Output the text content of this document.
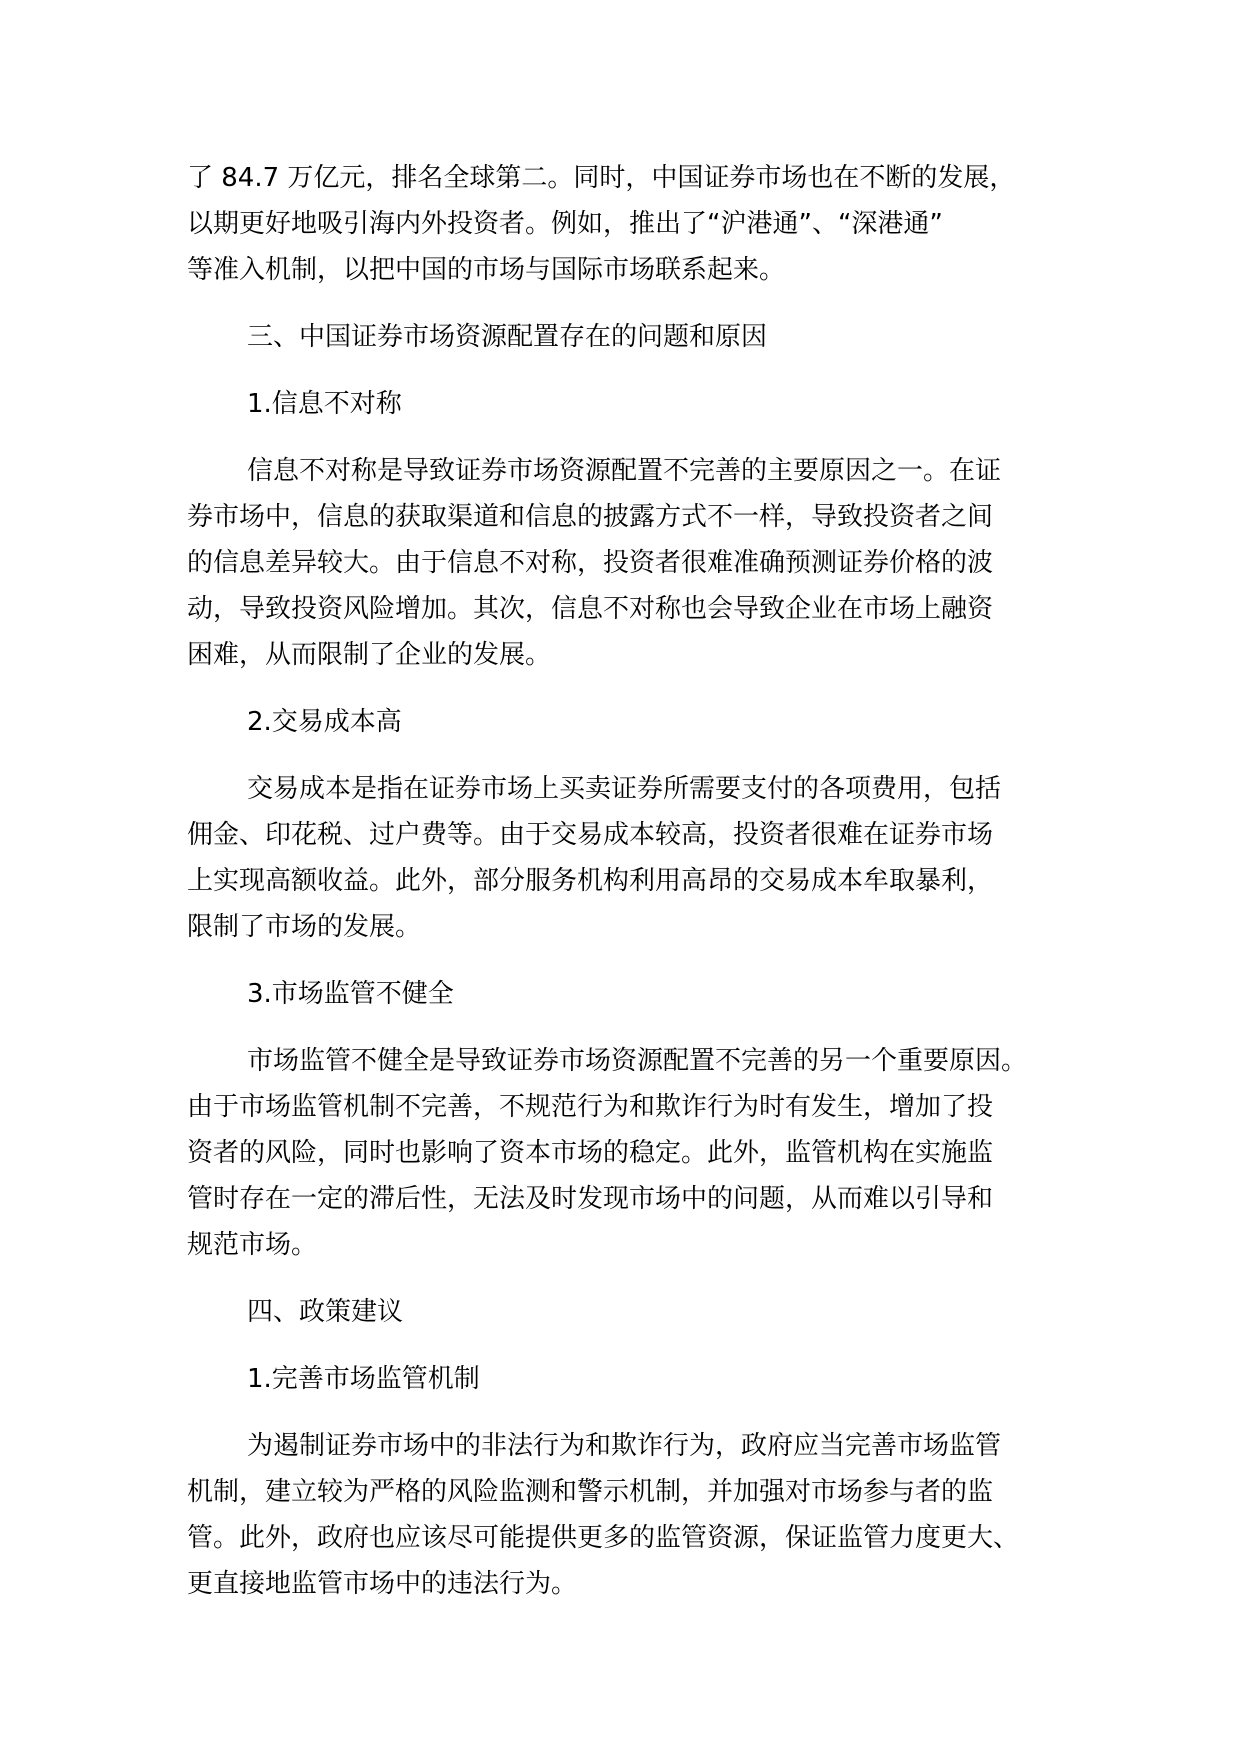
了 84.7 万亿元，排名全球第二。同时，中国证券市场也在不断的发展，
以期更好地吸引海内外投资者。例如，推出了“沪港通”、“深港通”
等准入机制，以把中国的市场与国际市场联系起来。

三、中国证券市场资源配置存在的问题和原因
1.信息不对称

信息不对称是导致证券市场资源配置不完善的主要原因之一。在证
券市场中，信息的获取渠道和信息的披露方式不一样，导致投资者之间
的信息差异较大。由于信息不对称，投资者很难准确预测证券价格的波
动，导致投资风险增加。其次，信息不对称也会导致企业在市场上融资
困难，从而限制了企业的发展。

2.交易成本高

交易成本是指在证券市场上买卖证券所需要支付的各项费用，包括
佣金、印花税、过户费等。由于交易成本较高，投资者很难在证券市场
上实现高额收益。此外，部分服务机构利用高昂的交易成本牟取暴利，
限制了市场的发展。

3.市场监管不健全

市场监管不健全是导致证券市场资源配置不完善的另一个重要原因。
由于市场监管机制不完善，不规范行为和欺诈行为时有发生，增加了投
资者的风险，同时也影响了资本市场的稳定。此外，监管机构在实施监
管时存在一定的滞后性，无法及时发现市场中的问题，从而难以引导和
规范市场。

四、政策建议
1.完善市场监管机制

为遏制证券市场中的非法行为和欺诈行为，政府应当完善市场监管
机制，建立较为严格的风险监测和警示机制，并加强对市场参与者的监
管。此外，政府也应该尽可能提供更多的监管资源，保证监管力度更大、
更直接地监管市场中的违法行为。
